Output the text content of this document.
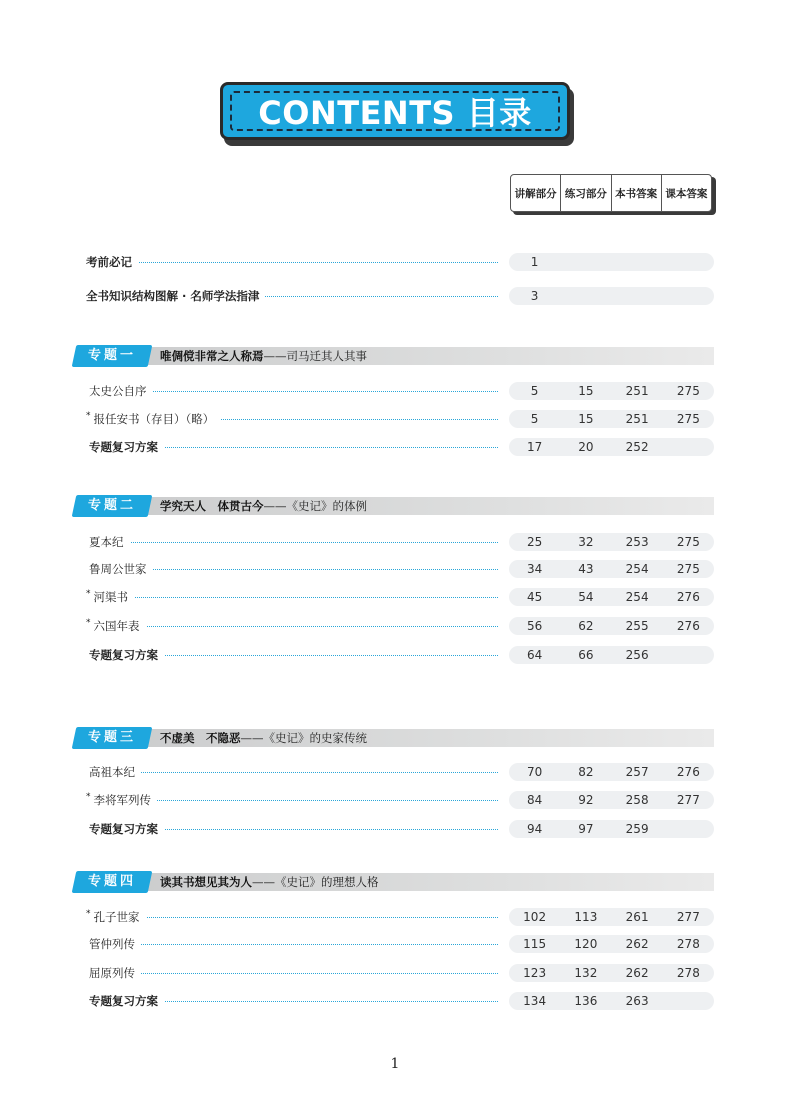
CONTENTS 目录
讲解部分 练习部分 本书答案 课本答案
考前必记	1
全书知识结构图解 · 名师学法指津	3
专题一	唯倜傥非常之人称焉——司马迁其人其事
太史公自序	5	15	251	275
* 报任安书（存目）（略）	5	15	251	275
专题复习方案	17	20	252
专题二	学究天人　体贯古今——《史记》的体例
夏本纪	25	32	253	275
鲁周公世家	34	43	254	275
* 河渠书	45	54	254	276
* 六国年表	56	62	255	276
专题复习方案	64	66	256
专题三	不虚美　不隐恶——《史记》的史家传统
高祖本纪	70	82	257	276
* 李将军列传	84	92	258	277
专题复习方案	94	97	259
专题四	读其书想见其为人——《史记》的理想人格
* 孔子世家	102	113	261	277
管仲列传	115	120	262	278
屈原列传	123	132	262	278
专题复习方案	134	136	263
1
